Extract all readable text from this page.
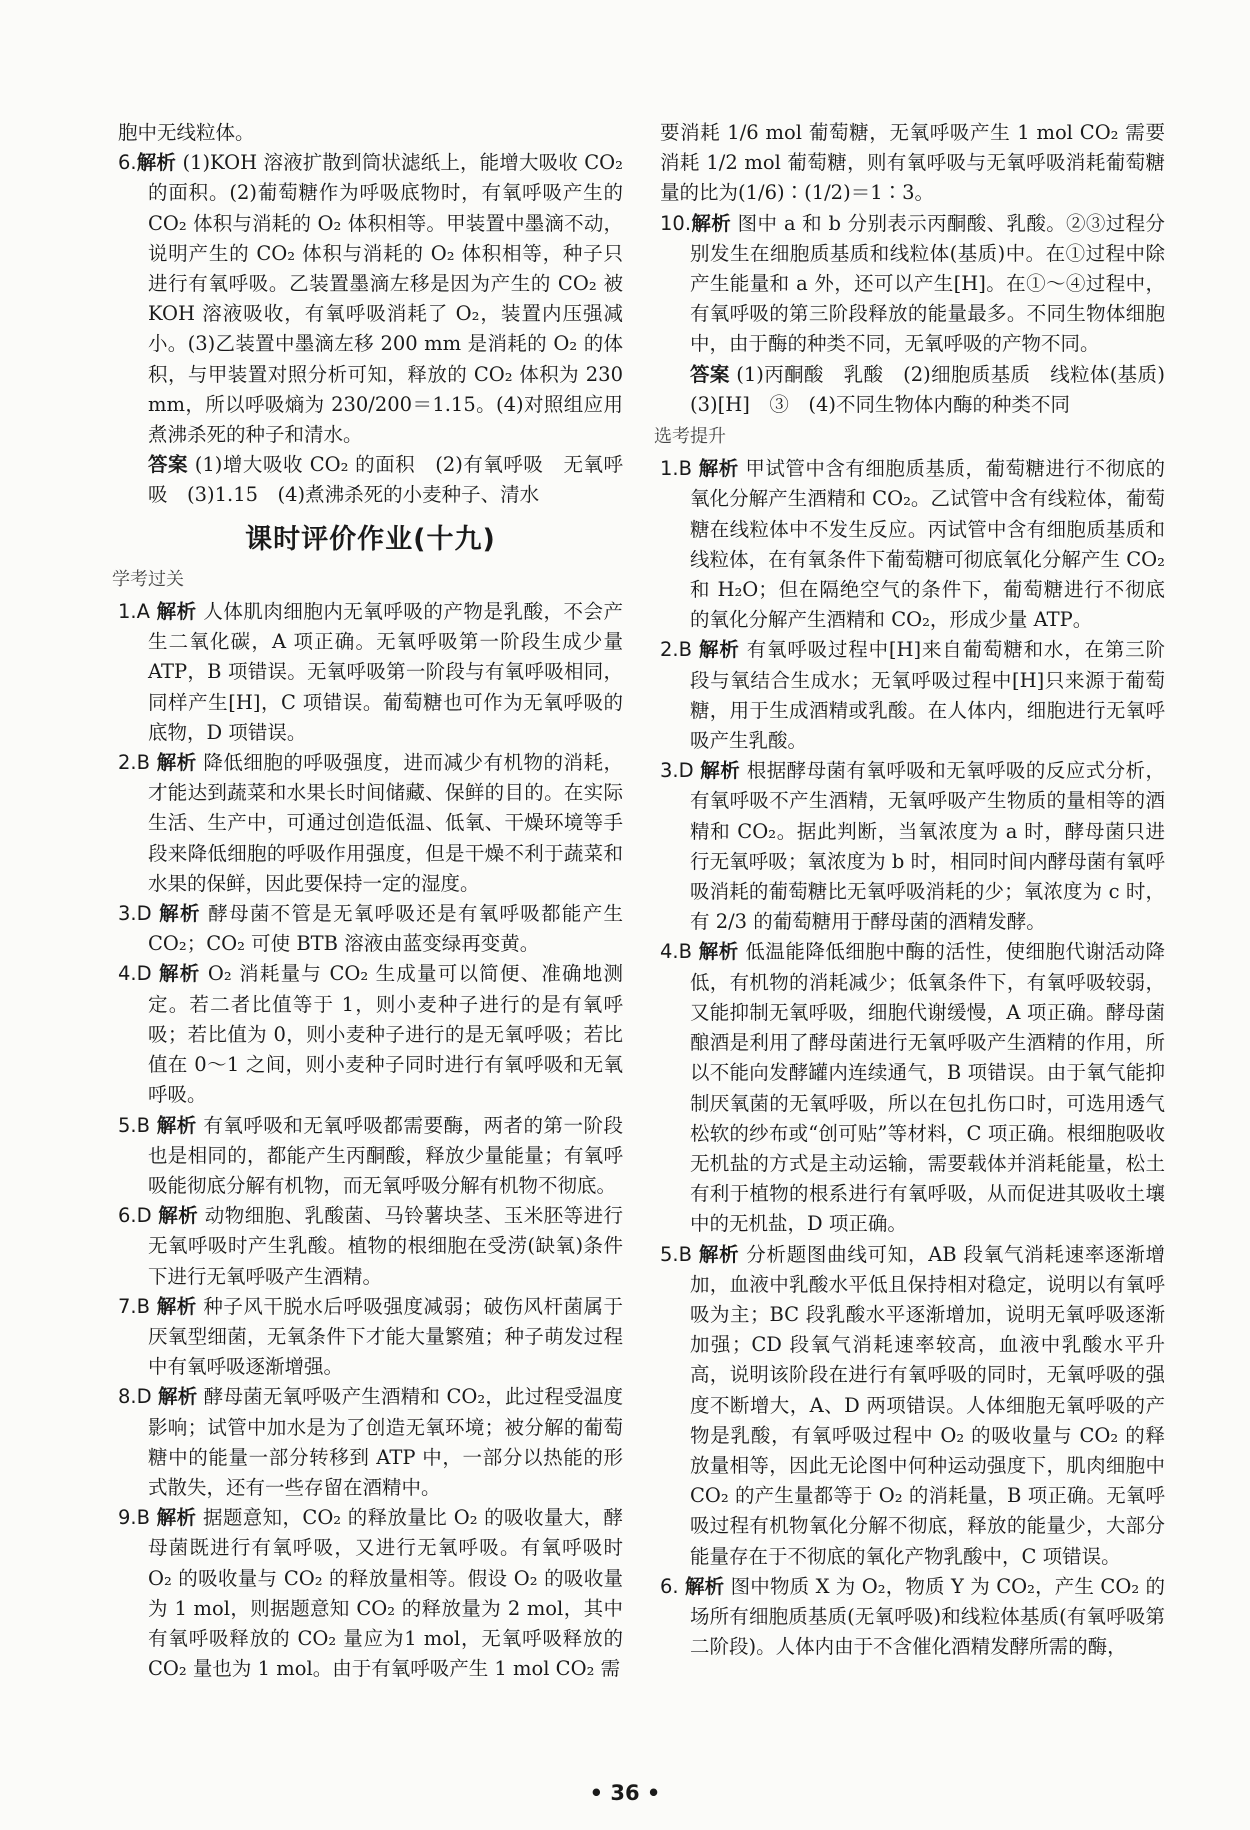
胞中无线粒体。

6.解析 (1)KOH 溶液扩散到筒状滤纸上，能增大吸收 CO₂ 的面积。(2)葡萄糖作为呼吸底物时，有氧呼吸产生的 CO₂ 体积与消耗的 O₂ 体积相等。甲装置中墨滴不动，说明产生的 CO₂ 体积与消耗的 O₂ 体积相等，种子只进行有氧呼吸。乙装置墨滴左移是因为产生的 CO₂ 被 KOH 溶液吸收，有氧呼吸消耗了 O₂，装置内压强减小。(3)乙装置中墨滴左移 200 mm 是消耗的 O₂ 的体积，与甲装置对照分析可知，释放的 CO₂ 体积为 230 mm，所以呼吸熵为 230/200＝1.15。(4)对照组应用煮沸杀死的种子和清水。

答案 (1)增大吸收 CO₂ 的面积　(2)有氧呼吸　无氧呼吸　(3)1.15　(4)煮沸杀死的小麦种子、清水

课时评价作业(十九)
学考过关

1.A 解析 人体肌肉细胞内无氧呼吸的产物是乳酸，不会产生二氧化碳，A 项正确。无氧呼吸第一阶段生成少量 ATP，B 项错误。无氧呼吸第一阶段与有氧呼吸相同，同样产生[H]，C 项错误。葡萄糖也可作为无氧呼吸的底物，D 项错误。

2.B 解析 降低细胞的呼吸强度，进而减少有机物的消耗，才能达到蔬菜和水果长时间储藏、保鲜的目的。在实际生活、生产中，可通过创造低温、低氧、干燥环境等手段来降低细胞的呼吸作用强度，但是干燥不利于蔬菜和水果的保鲜，因此要保持一定的湿度。

3.D 解析 酵母菌不管是无氧呼吸还是有氧呼吸都能产生 CO₂；CO₂ 可使 BTB 溶液由蓝变绿再变黄。

4.D 解析 O₂ 消耗量与 CO₂ 生成量可以简便、准确地测定。若二者比值等于 1，则小麦种子进行的是有氧呼吸；若比值为 0，则小麦种子进行的是无氧呼吸；若比值在 0～1 之间，则小麦种子同时进行有氧呼吸和无氧呼吸。

5.B 解析 有氧呼吸和无氧呼吸都需要酶，两者的第一阶段也是相同的，都能产生丙酮酸，释放少量能量；有氧呼吸能彻底分解有机物，而无氧呼吸分解有机物不彻底。

6.D 解析 动物细胞、乳酸菌、马铃薯块茎、玉米胚等进行无氧呼吸时产生乳酸。植物的根细胞在受涝(缺氧)条件下进行无氧呼吸产生酒精。

7.B 解析 种子风干脱水后呼吸强度减弱；破伤风杆菌属于厌氧型细菌，无氧条件下才能大量繁殖；种子萌发过程中有氧呼吸逐渐增强。

8.D 解析 酵母菌无氧呼吸产生酒精和 CO₂，此过程受温度影响；试管中加水是为了创造无氧环境；被分解的葡萄糖中的能量一部分转移到 ATP 中，一部分以热能的形式散失，还有一些存留在酒精中。

9.B 解析 据题意知，CO₂ 的释放量比 O₂ 的吸收量大，酵母菌既进行有氧呼吸，又进行无氧呼吸。有氧呼吸时 O₂ 的吸收量与 CO₂ 的释放量相等。假设 O₂ 的吸收量为 1 mol，则据题意知 CO₂ 的释放量为 2 mol，其中有氧呼吸释放的 CO₂ 量应为1 mol，无氧呼吸释放的 CO₂ 量也为 1 mol。由于有氧呼吸产生 1 mol CO₂ 需

要消耗 1/6 mol 葡萄糖，无氧呼吸产生 1 mol CO₂ 需要消耗 1/2 mol 葡萄糖，则有氧呼吸与无氧呼吸消耗葡萄糖量的比为(1/6)∶(1/2)＝1∶3。

10.解析 图中 a 和 b 分别表示丙酮酸、乳酸。②③过程分别发生在细胞质基质和线粒体(基质)中。在①过程中除产生能量和 a 外，还可以产生[H]。在①～④过程中，有氧呼吸的第三阶段释放的能量最多。不同生物体细胞中，由于酶的种类不同，无氧呼吸的产物不同。

答案 (1)丙酮酸　乳酸　(2)细胞质基质　线粒体(基质)　(3)[H]　③　(4)不同生物体内酶的种类不同

选考提升

1.B 解析 甲试管中含有细胞质基质，葡萄糖进行不彻底的氧化分解产生酒精和 CO₂。乙试管中含有线粒体，葡萄糖在线粒体中不发生反应。丙试管中含有细胞质基质和线粒体，在有氧条件下葡萄糖可彻底氧化分解产生 CO₂ 和 H₂O；但在隔绝空气的条件下，葡萄糖进行不彻底的氧化分解产生酒精和 CO₂，形成少量 ATP。

2.B 解析 有氧呼吸过程中[H]来自葡萄糖和水，在第三阶段与氧结合生成水；无氧呼吸过程中[H]只来源于葡萄糖，用于生成酒精或乳酸。在人体内，细胞进行无氧呼吸产生乳酸。

3.D 解析 根据酵母菌有氧呼吸和无氧呼吸的反应式分析，有氧呼吸不产生酒精，无氧呼吸产生物质的量相等的酒精和 CO₂。据此判断，当氧浓度为 a 时，酵母菌只进行无氧呼吸；氧浓度为 b 时，相同时间内酵母菌有氧呼吸消耗的葡萄糖比无氧呼吸消耗的少；氧浓度为 c 时，有 2/3 的葡萄糖用于酵母菌的酒精发酵。

4.B 解析 低温能降低细胞中酶的活性，使细胞代谢活动降低，有机物的消耗减少；低氧条件下，有氧呼吸较弱，又能抑制无氧呼吸，细胞代谢缓慢，A 项正确。酵母菌酿酒是利用了酵母菌进行无氧呼吸产生酒精的作用，所以不能向发酵罐内连续通气，B 项错误。由于氧气能抑制厌氧菌的无氧呼吸，所以在包扎伤口时，可选用透气松软的纱布或“创可贴”等材料，C 项正确。根细胞吸收无机盐的方式是主动运输，需要载体并消耗能量，松土有利于植物的根系进行有氧呼吸，从而促进其吸收土壤中的无机盐，D 项正确。

5.B 解析 分析题图曲线可知，AB 段氧气消耗速率逐渐增加，血液中乳酸水平低且保持相对稳定，说明以有氧呼吸为主；BC 段乳酸水平逐渐增加，说明无氧呼吸逐渐加强；CD 段氧气消耗速率较高，血液中乳酸水平升高，说明该阶段在进行有氧呼吸的同时，无氧呼吸的强度不断增大，A、D 两项错误。人体细胞无氧呼吸的产物是乳酸，有氧呼吸过程中 O₂ 的吸收量与 CO₂ 的释放量相等，因此无论图中何种运动强度下，肌肉细胞中 CO₂ 的产生量都等于 O₂ 的消耗量，B 项正确。无氧呼吸过程有机物氧化分解不彻底，释放的能量少，大部分能量存在于不彻底的氧化产物乳酸中，C 项错误。

6. 解析 图中物质 X 为 O₂，物质 Y 为 CO₂，产生 CO₂ 的场所有细胞质基质(无氧呼吸)和线粒体基质(有氧呼吸第二阶段)。人体内由于不含催化酒精发酵所需的酶，

• 36 •
